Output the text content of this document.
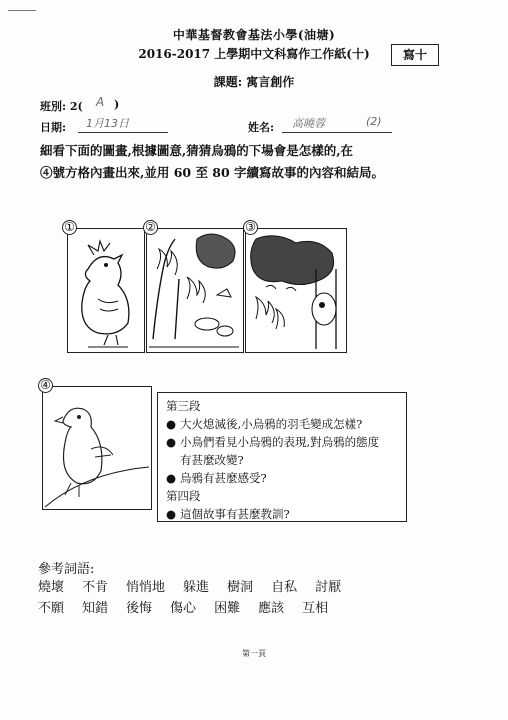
中華基督教會基法小學(油塘)
2016-2017 上學期中文科寫作工作紙(十)	寫十
課題: 寓言創作
班別: 2( A )
日期: 1月13日	姓名: 高曉蓉	(2)
細看下面的圖畫,根據圖意,猜猜烏鴉的下場會是怎樣的,在
④號方格內畫出來,並用 60 至 80 字續寫故事的內容和結局。
①	②	③
④
第三段
● 大火熄滅後,小烏鴉的羽毛變成怎樣?
● 小鳥們看見小烏鴉的表現,對烏鴉的態度
有甚麼改變?
● 烏鴉有甚麼感受?
第四段
● 這個故事有甚麼教訓?
參考詞語:
燒壞 不肯 悄悄地 躲進 樹洞 自私 討厭
不願 知錯 後悔 傷心 困難 應該 互相
第一頁
